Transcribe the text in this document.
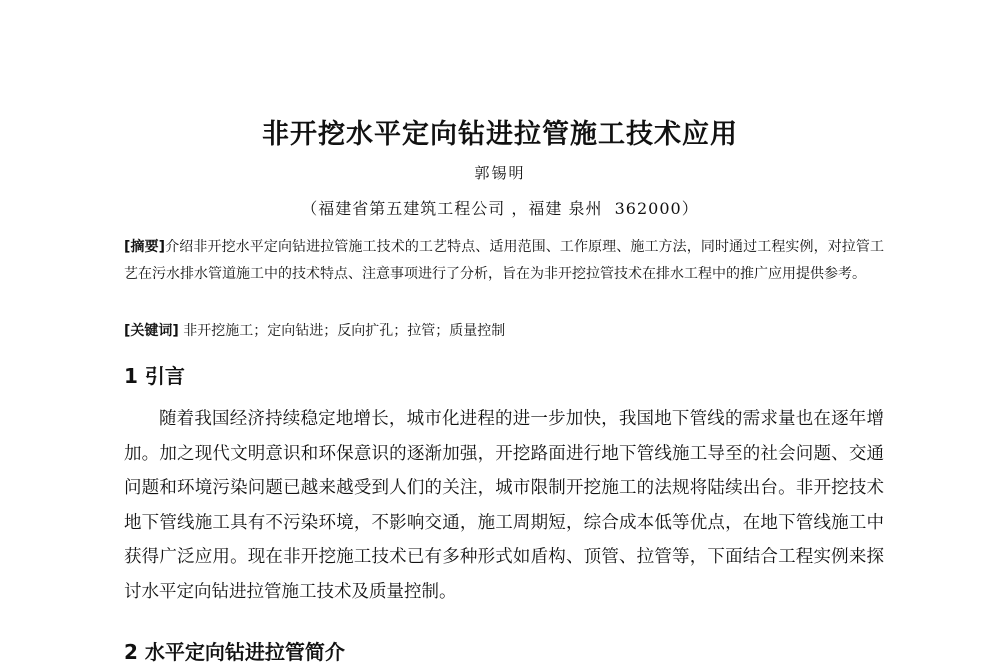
非开挖水平定向钻进拉管施工技术应用
郭锡明
（福建省第五建筑工程公司 ，福建 泉州  362000）
[摘要]介绍非开挖水平定向钻进拉管施工技术的工艺特点、适用范围、工作原理、施工方法，同时通过工程实例，对拉管工艺在污水排水管道施工中的技术特点、注意事项进行了分析，旨在为非开挖拉管技术在排水工程中的推广应用提供参考。
[关键词] 非开挖施工；定向钻进；反向扩孔；拉管；质量控制
1 引言
随着我国经济持续稳定地增长，城市化进程的进一步加快，我国地下管线的需求量也在逐年增加。加之现代文明意识和环保意识的逐渐加强，开挖路面进行地下管线施工导至的社会问题、交通问题和环境污染问题已越来越受到人们的关注，城市限制开挖施工的法规将陆续出台。非开挖技术地下管线施工具有不污染环境，不影响交通，施工周期短，综合成本低等优点，在地下管线施工中获得广泛应用。现在非开挖施工技术已有多种形式如盾构、顶管、拉管等，下面结合工程实例来探讨水平定向钻进拉管施工技术及质量控制。
2 水平定向钻进拉管简介
